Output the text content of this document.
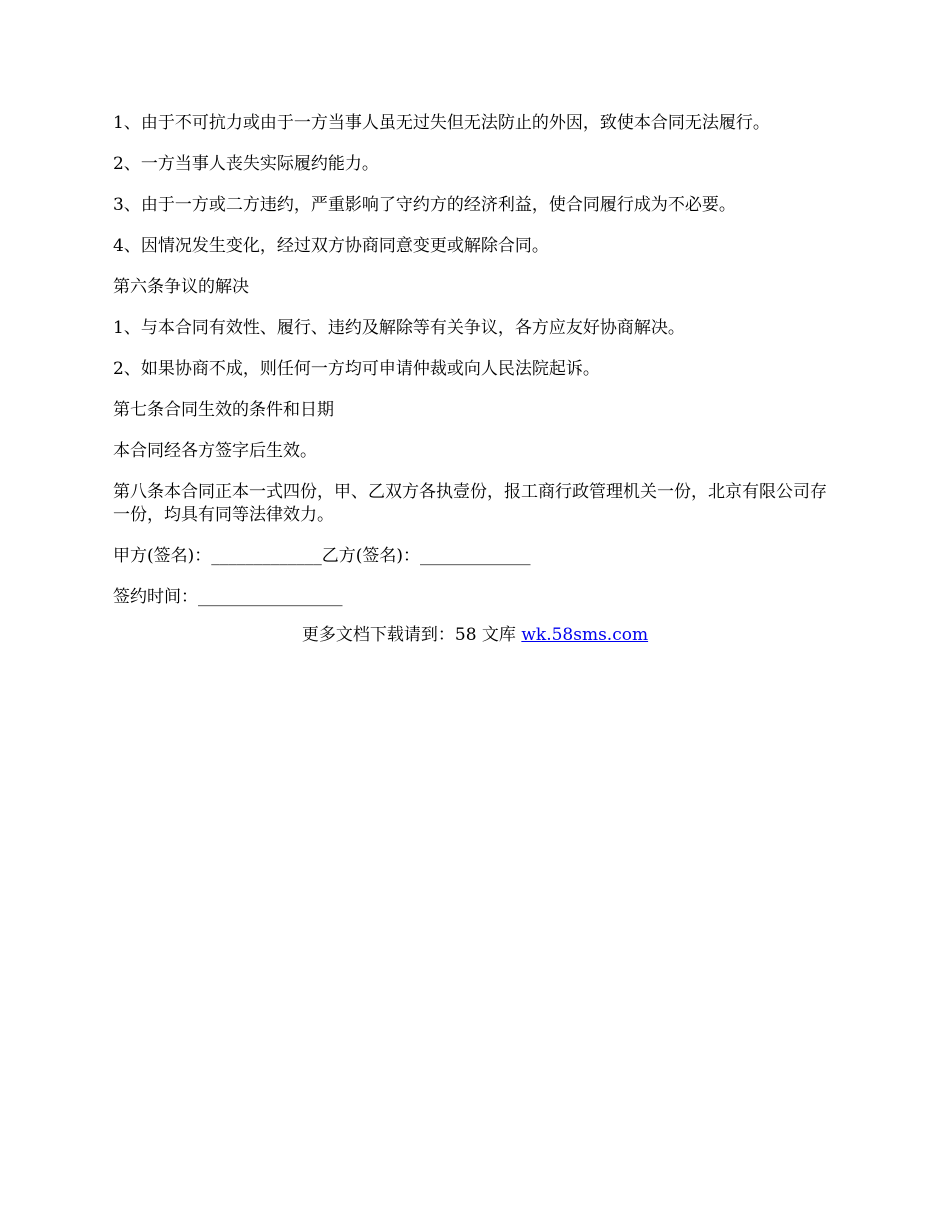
1、由于不可抗力或由于一方当事人虽无过失但无法防止的外因，致使本合同无法履行。

2、一方当事人丧失实际履约能力。

3、由于一方或二方违约，严重影响了守约方的经济利益，使合同履行成为不必要。

4、因情况发生变化，经过双方协商同意变更或解除合同。

第六条争议的解决

1、与本合同有效性、履行、违约及解除等有关争议，各方应友好协商解决。

2、如果协商不成，则任何一方均可申请仲裁或向人民法院起诉。

第七条合同生效的条件和日期

本合同经各方签字后生效。

第八条本合同正本一式四份，甲、乙双方各执壹份，报工商行政管理机关一份，北京有限公司存一份，均具有同等法律效力。

甲方(签名)：_____________乙方(签名)：_____________

签约时间：_________________

更多文档下载请到：58 文库 wk.58sms.com
